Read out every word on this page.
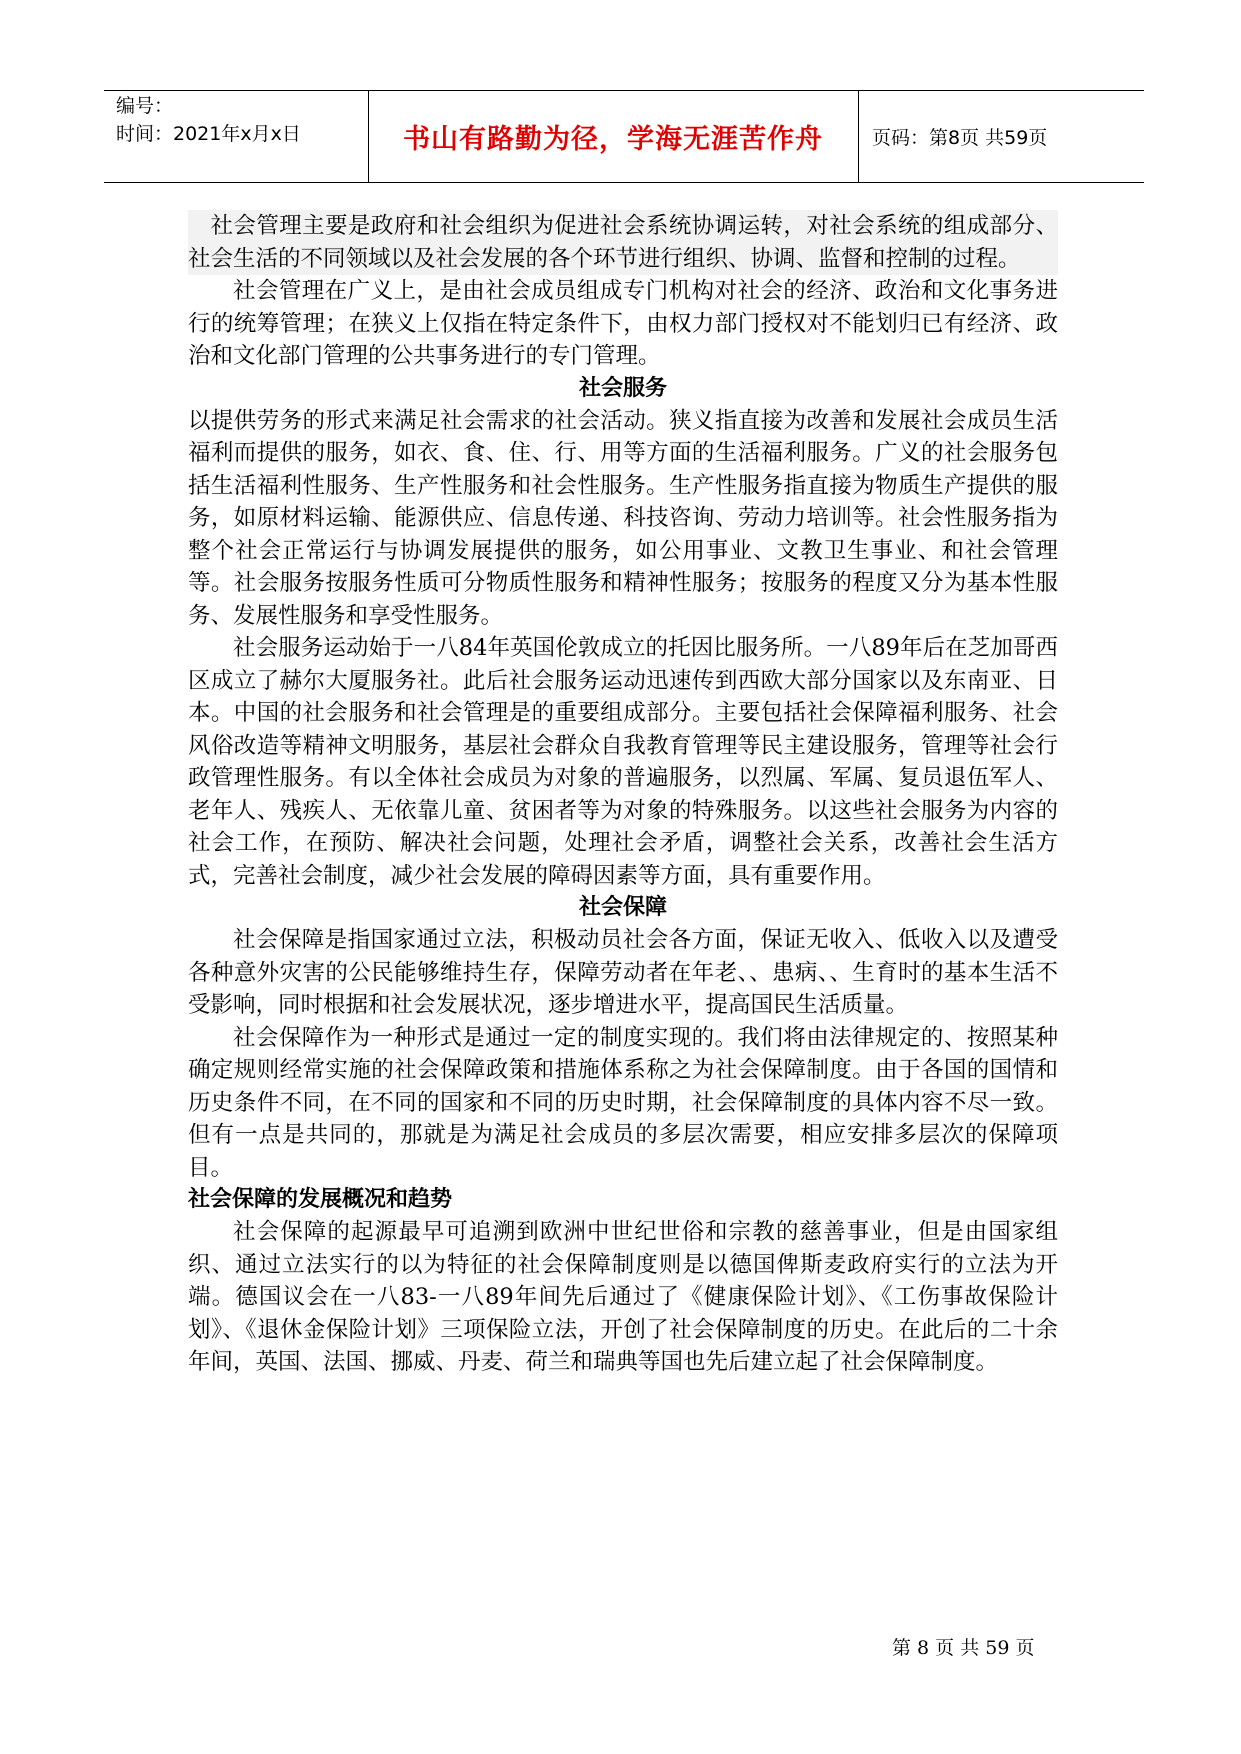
编号：
时间：2021年x月x日	书山有路勤为径，学海无涯苦作舟	页码：第8页 共59页

社会管理主要是政府和社会组织为促进社会系统协调运转，对社会系统的组成部分、社会生活的不同领域以及社会发展的各个环节进行组织、协调、监督和控制的过程。

社会管理在广义上，是由社会成员组成专门机构对社会的经济、政治和文化事务进行的统筹管理；在狭义上仅指在特定条件下，由权力部门授权对不能划归已有经济、政治和文化部门管理的公共事务进行的专门管理。

社会服务

以提供劳务的形式来满足社会需求的社会活动。狭义指直接为改善和发展社会成员生活福利而提供的服务，如衣、食、住、行、用等方面的生活福利服务。广义的社会服务包括生活福利性服务、生产性服务和社会性服务。生产性服务指直接为物质生产提供的服务，如原材料运输、能源供应、信息传递、科技咨询、劳动力培训等。社会性服务指为整个社会正常运行与协调发展提供的服务，如公用事业、文教卫生事业、和社会管理等。社会服务按服务性质可分物质性服务和精神性服务；按服务的程度又分为基本性服务、发展性服务和享受性服务。

社会服务运动始于一八84年英国伦敦成立的托因比服务所。一八89年后在芝加哥西区成立了赫尔大厦服务社。此后社会服务运动迅速传到西欧大部分国家以及东南亚、日本。中国的社会服务和社会管理是的重要组成部分。主要包括社会保障福利服务、社会风俗改造等精神文明服务，基层社会群众自我教育管理等民主建设服务，管理等社会行政管理性服务。有以全体社会成员为对象的普遍服务，以烈属、军属、复员退伍军人、老年人、残疾人、无依靠儿童、贫困者等为对象的特殊服务。以这些社会服务为内容的社会工作，在预防、解决社会问题，处理社会矛盾，调整社会关系，改善社会生活方式，完善社会制度，减少社会发展的障碍因素等方面，具有重要作用。

社会保障

社会保障是指国家通过立法，积极动员社会各方面，保证无收入、低收入以及遭受各种意外灾害的公民能够维持生存，保障劳动者在年老、、患病、、生育时的基本生活不受影响，同时根据和社会发展状况，逐步增进水平，提高国民生活质量。

社会保障作为一种形式是通过一定的制度实现的。我们将由法律规定的、按照某种确定规则经常实施的社会保障政策和措施体系称之为社会保障制度。由于各国的国情和历史条件不同，在不同的国家和不同的历史时期，社会保障制度的具体内容不尽一致。但有一点是共同的，那就是为满足社会成员的多层次需要，相应安排多层次的保障项目。

社会保障的发展概况和趋势

社会保障的起源最早可追溯到欧洲中世纪世俗和宗教的慈善事业，但是由国家组织、通过立法实行的以为特征的社会保障制度则是以德国俾斯麦政府实行的立法为开端。德国议会在一八83-一八89年间先后通过了《健康保险计划》、《工伤事故保险计划》、《退休金保险计划》三项保险立法，开创了社会保障制度的历史。在此后的二十余年间，英国、法国、挪威、丹麦、荷兰和瑞典等国也先后建立起了社会保障制度。

第 8 页 共 59 页
